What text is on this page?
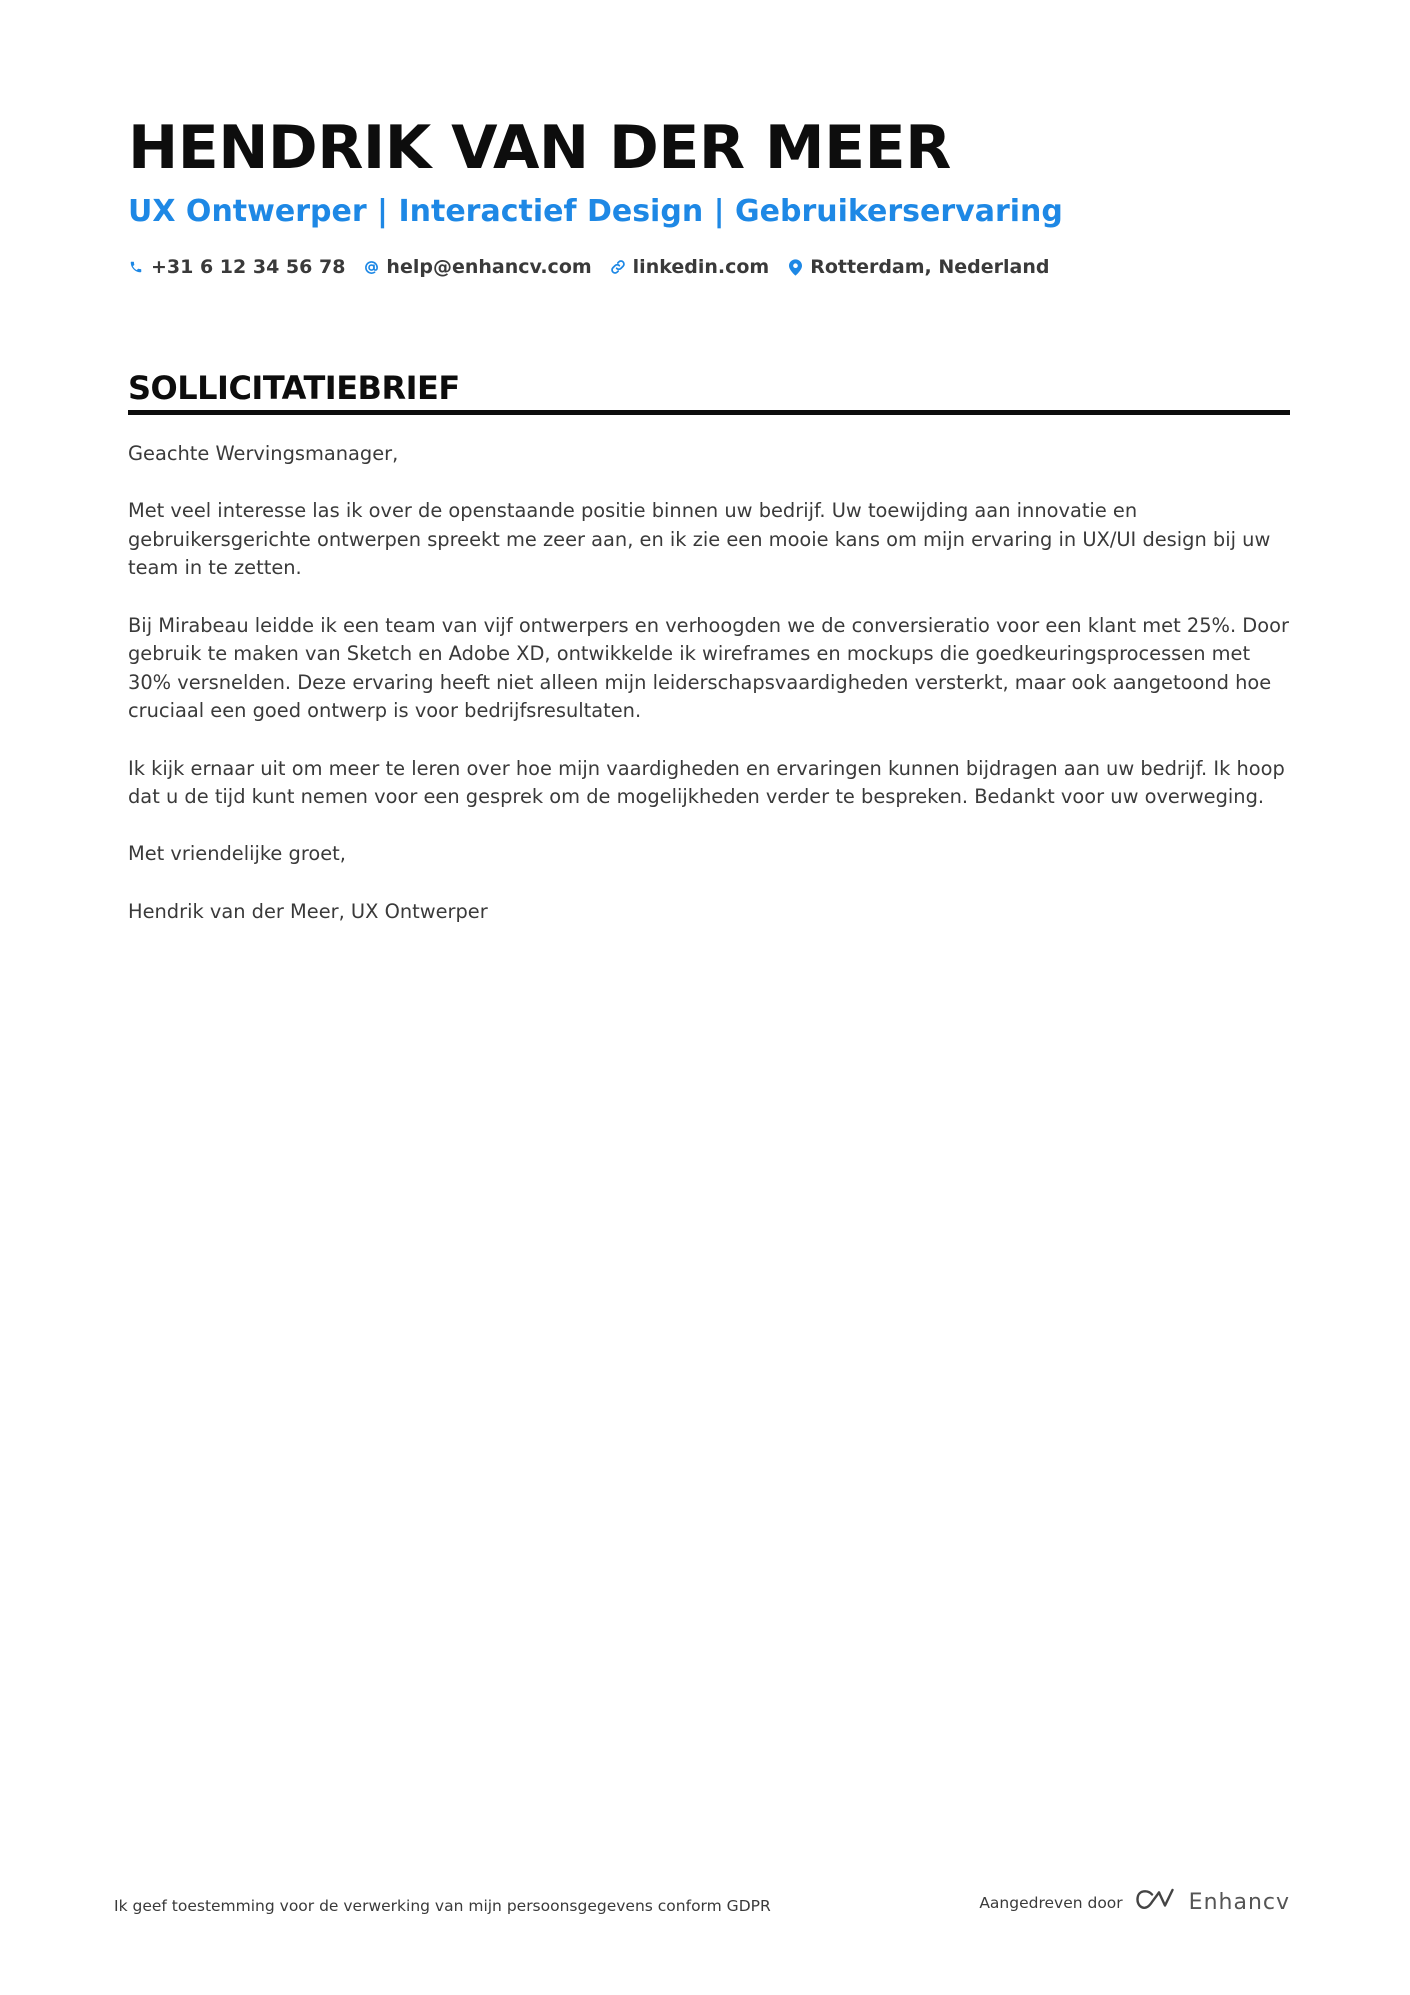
HENDRIK VAN DER MEER
UX Ontwerper | Interactief Design | Gebruikerservaring
+31 6 12 34 56 78 help@enhancv.com linkedin.com Rotterdam, Nederland
SOLLICITATIEBRIEF

Geachte Wervingsmanager,

Met veel interesse las ik over de openstaande positie binnen uw bedrijf. Uw toewijding aan innovatie en gebruikersgerichte ontwerpen spreekt me zeer aan, en ik zie een mooie kans om mijn ervaring in UX/UI design bij uw team in te zetten.

Bij Mirabeau leidde ik een team van vijf ontwerpers en verhoogden we de conversieratio voor een klant met 25%. Door gebruik te maken van Sketch en Adobe XD, ontwikkelde ik wireframes en mockups die goedkeuringsprocessen met 30% versnelden. Deze ervaring heeft niet alleen mijn leiderschapsvaardigheden versterkt, maar ook aangetoond hoe cruciaal een goed ontwerp is voor bedrijfsresultaten.

Ik kijk ernaar uit om meer te leren over hoe mijn vaardigheden en ervaringen kunnen bijdragen aan uw bedrijf. Ik hoop dat u de tijd kunt nemen voor een gesprek om de mogelijkheden verder te bespreken. Bedankt voor uw overweging.

Met vriendelijke groet,

Hendrik van der Meer, UX Ontwerper

Ik geef toestemming voor de verwerking van mijn persoonsgegevens conform GDPR	Aangedreven door	Enhancv
